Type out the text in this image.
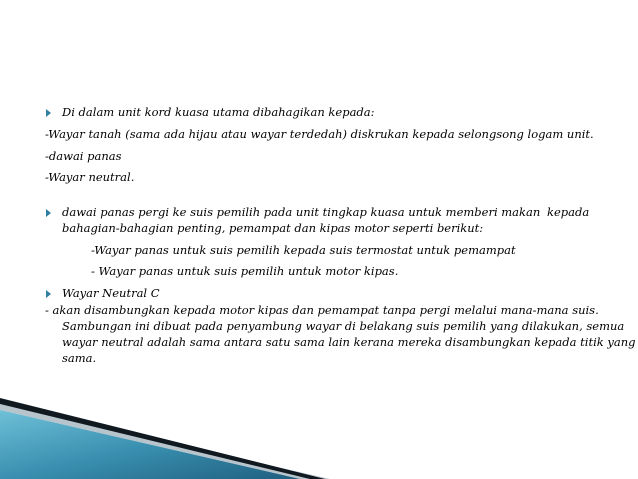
Di dalam unit kord kuasa utama dibahagikan kepada:
-Wayar tanah (sama ada hijau atau wayar terdedah) diskrukan kepada selongsong logam unit.
-dawai panas
-Wayar neutral.
dawai panas pergi ke suis pemilih pada unit tingkap kuasa untuk memberi makan kepada
bahagian-bahagian penting, pemampat dan kipas motor seperti berikut:
-Wayar panas untuk suis pemilih kepada suis termostat untuk pemampat
- Wayar panas untuk suis pemilih untuk motor kipas.
Wayar Neutral C
- akan disambungkan kepada motor kipas dan pemampat tanpa pergi melalui mana-mana suis.
Sambungan ini dibuat pada penyambung wayar di belakang suis pemilih yang dilakukan, semua
wayar neutral adalah sama antara satu sama lain kerana mereka disambungkan kepada titik yang
sama.
